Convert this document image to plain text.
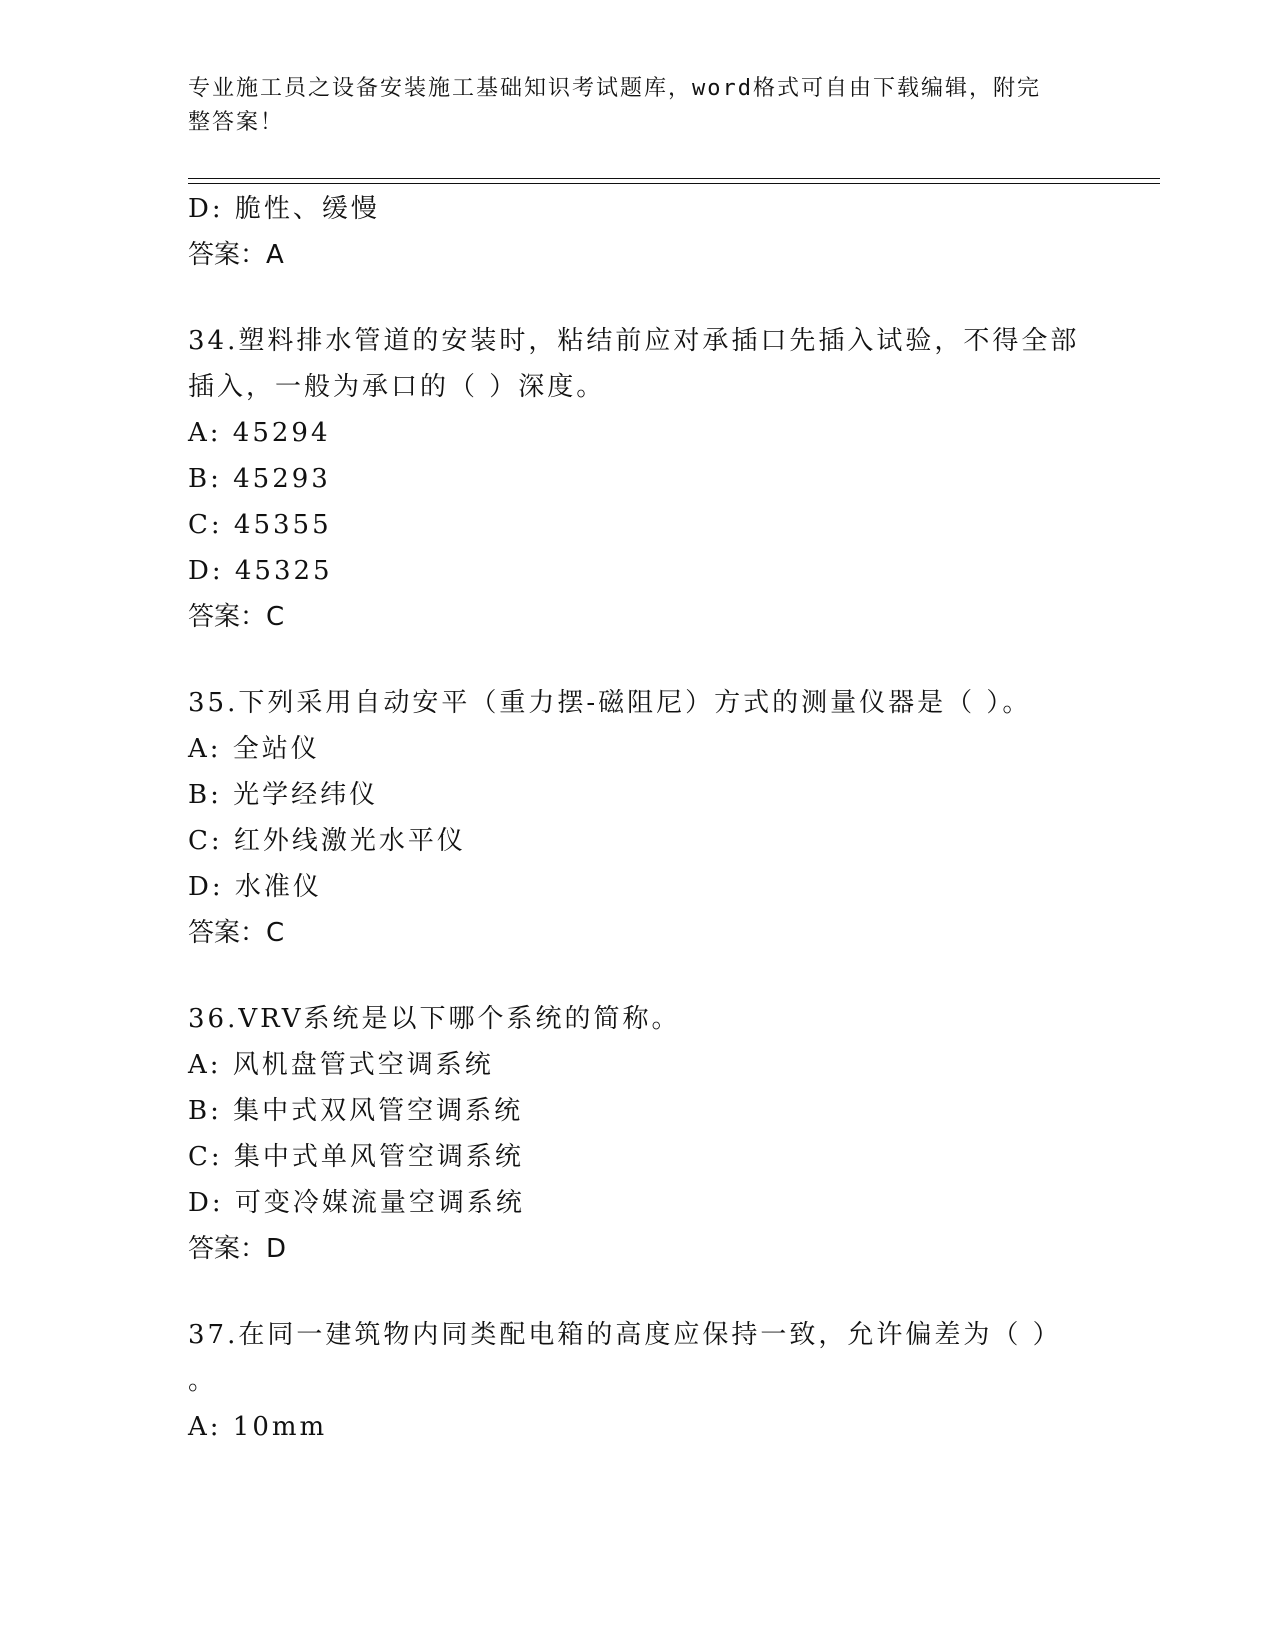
专业施工员之设备安装施工基础知识考试题库，word格式可自由下载编辑，附完
整答案！
D: 脆性、缓慢
答案：A
34.塑料排水管道的安装时，粘结前应对承插口先插入试验，不得全部
插入，一般为承口的（ ）深度。
A: 45294
B: 45293
C: 45355
D: 45325
答案：C
35.下列采用自动安平（重力摆-磁阻尼）方式的测量仪器是（ ）。
A: 全站仪
B: 光学经纬仪
C: 红外线激光水平仪
D: 水准仪
答案：C
36.VRV系统是以下哪个系统的简称。
A: 风机盘管式空调系统
B: 集中式双风管空调系统
C: 集中式单风管空调系统
D: 可变冷媒流量空调系统
答案：D
37.在同一建筑物内同类配电箱的高度应保持一致，允许偏差为（ ）
。
A: 10mm
